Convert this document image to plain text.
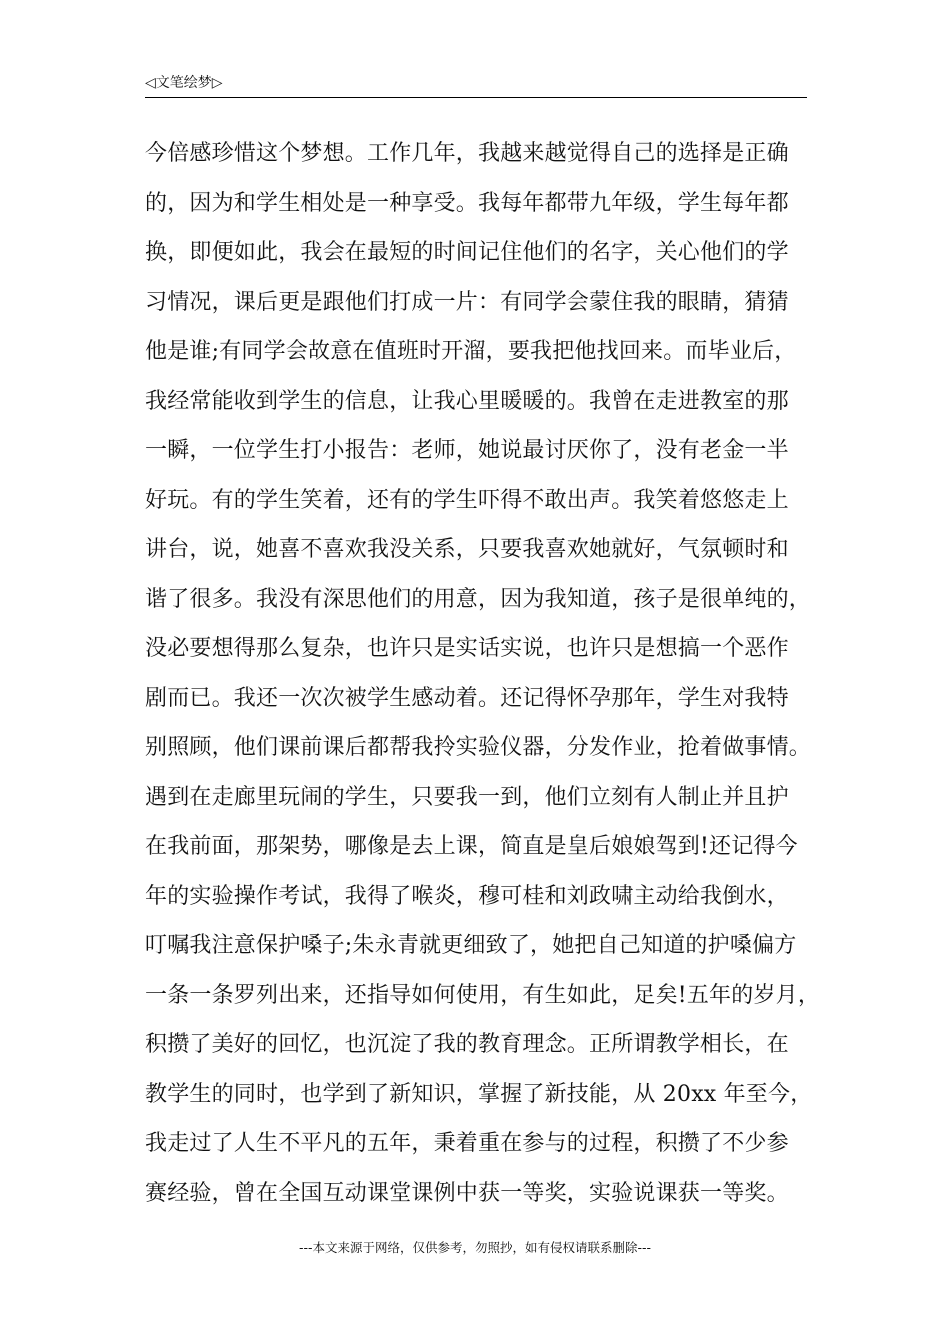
◁文笔绘梦▷
今倍感珍惜这个梦想。工作几年，我越来越觉得自己的选择是正确
的，因为和学生相处是一种享受。我每年都带九年级，学生每年都
换，即便如此，我会在最短的时间记住他们的名字，关心他们的学
习情况，课后更是跟他们打成一片：有同学会蒙住我的眼睛，猜猜
他是谁;有同学会故意在值班时开溜，要我把他找回来。而毕业后，
我经常能收到学生的信息，让我心里暖暖的。我曾在走进教室的那
一瞬，一位学生打小报告：老师，她说最讨厌你了，没有老金一半
好玩。有的学生笑着，还有的学生吓得不敢出声。我笑着悠悠走上
讲台，说，她喜不喜欢我没关系，只要我喜欢她就好，气氛顿时和
谐了很多。我没有深思他们的用意，因为我知道，孩子是很单纯的，
没必要想得那么复杂，也许只是实话实说，也许只是想搞一个恶作
剧而已。我还一次次被学生感动着。还记得怀孕那年，学生对我特
别照顾，他们课前课后都帮我拎实验仪器，分发作业，抢着做事情。
遇到在走廊里玩闹的学生，只要我一到，他们立刻有人制止并且护
在我前面，那架势，哪像是去上课，简直是皇后娘娘驾到!还记得今
年的实验操作考试，我得了喉炎，穆可桂和刘政啸主动给我倒水，
叮嘱我注意保护嗓子;朱永青就更细致了，她把自己知道的护嗓偏方
一条一条罗列出来，还指导如何使用，有生如此，足矣!五年的岁月，
积攒了美好的回忆，也沉淀了我的教育理念。正所谓教学相长，在
教学生的同时，也学到了新知识，掌握了新技能，从 20xx 年至今，
我走过了人生不平凡的五年，秉着重在参与的过程，积攒了不少参
赛经验，曾在全国互动课堂课例中获一等奖，实验说课获一等奖。
---本文来源于网络，仅供参考，勿照抄，如有侵权请联系删除---
